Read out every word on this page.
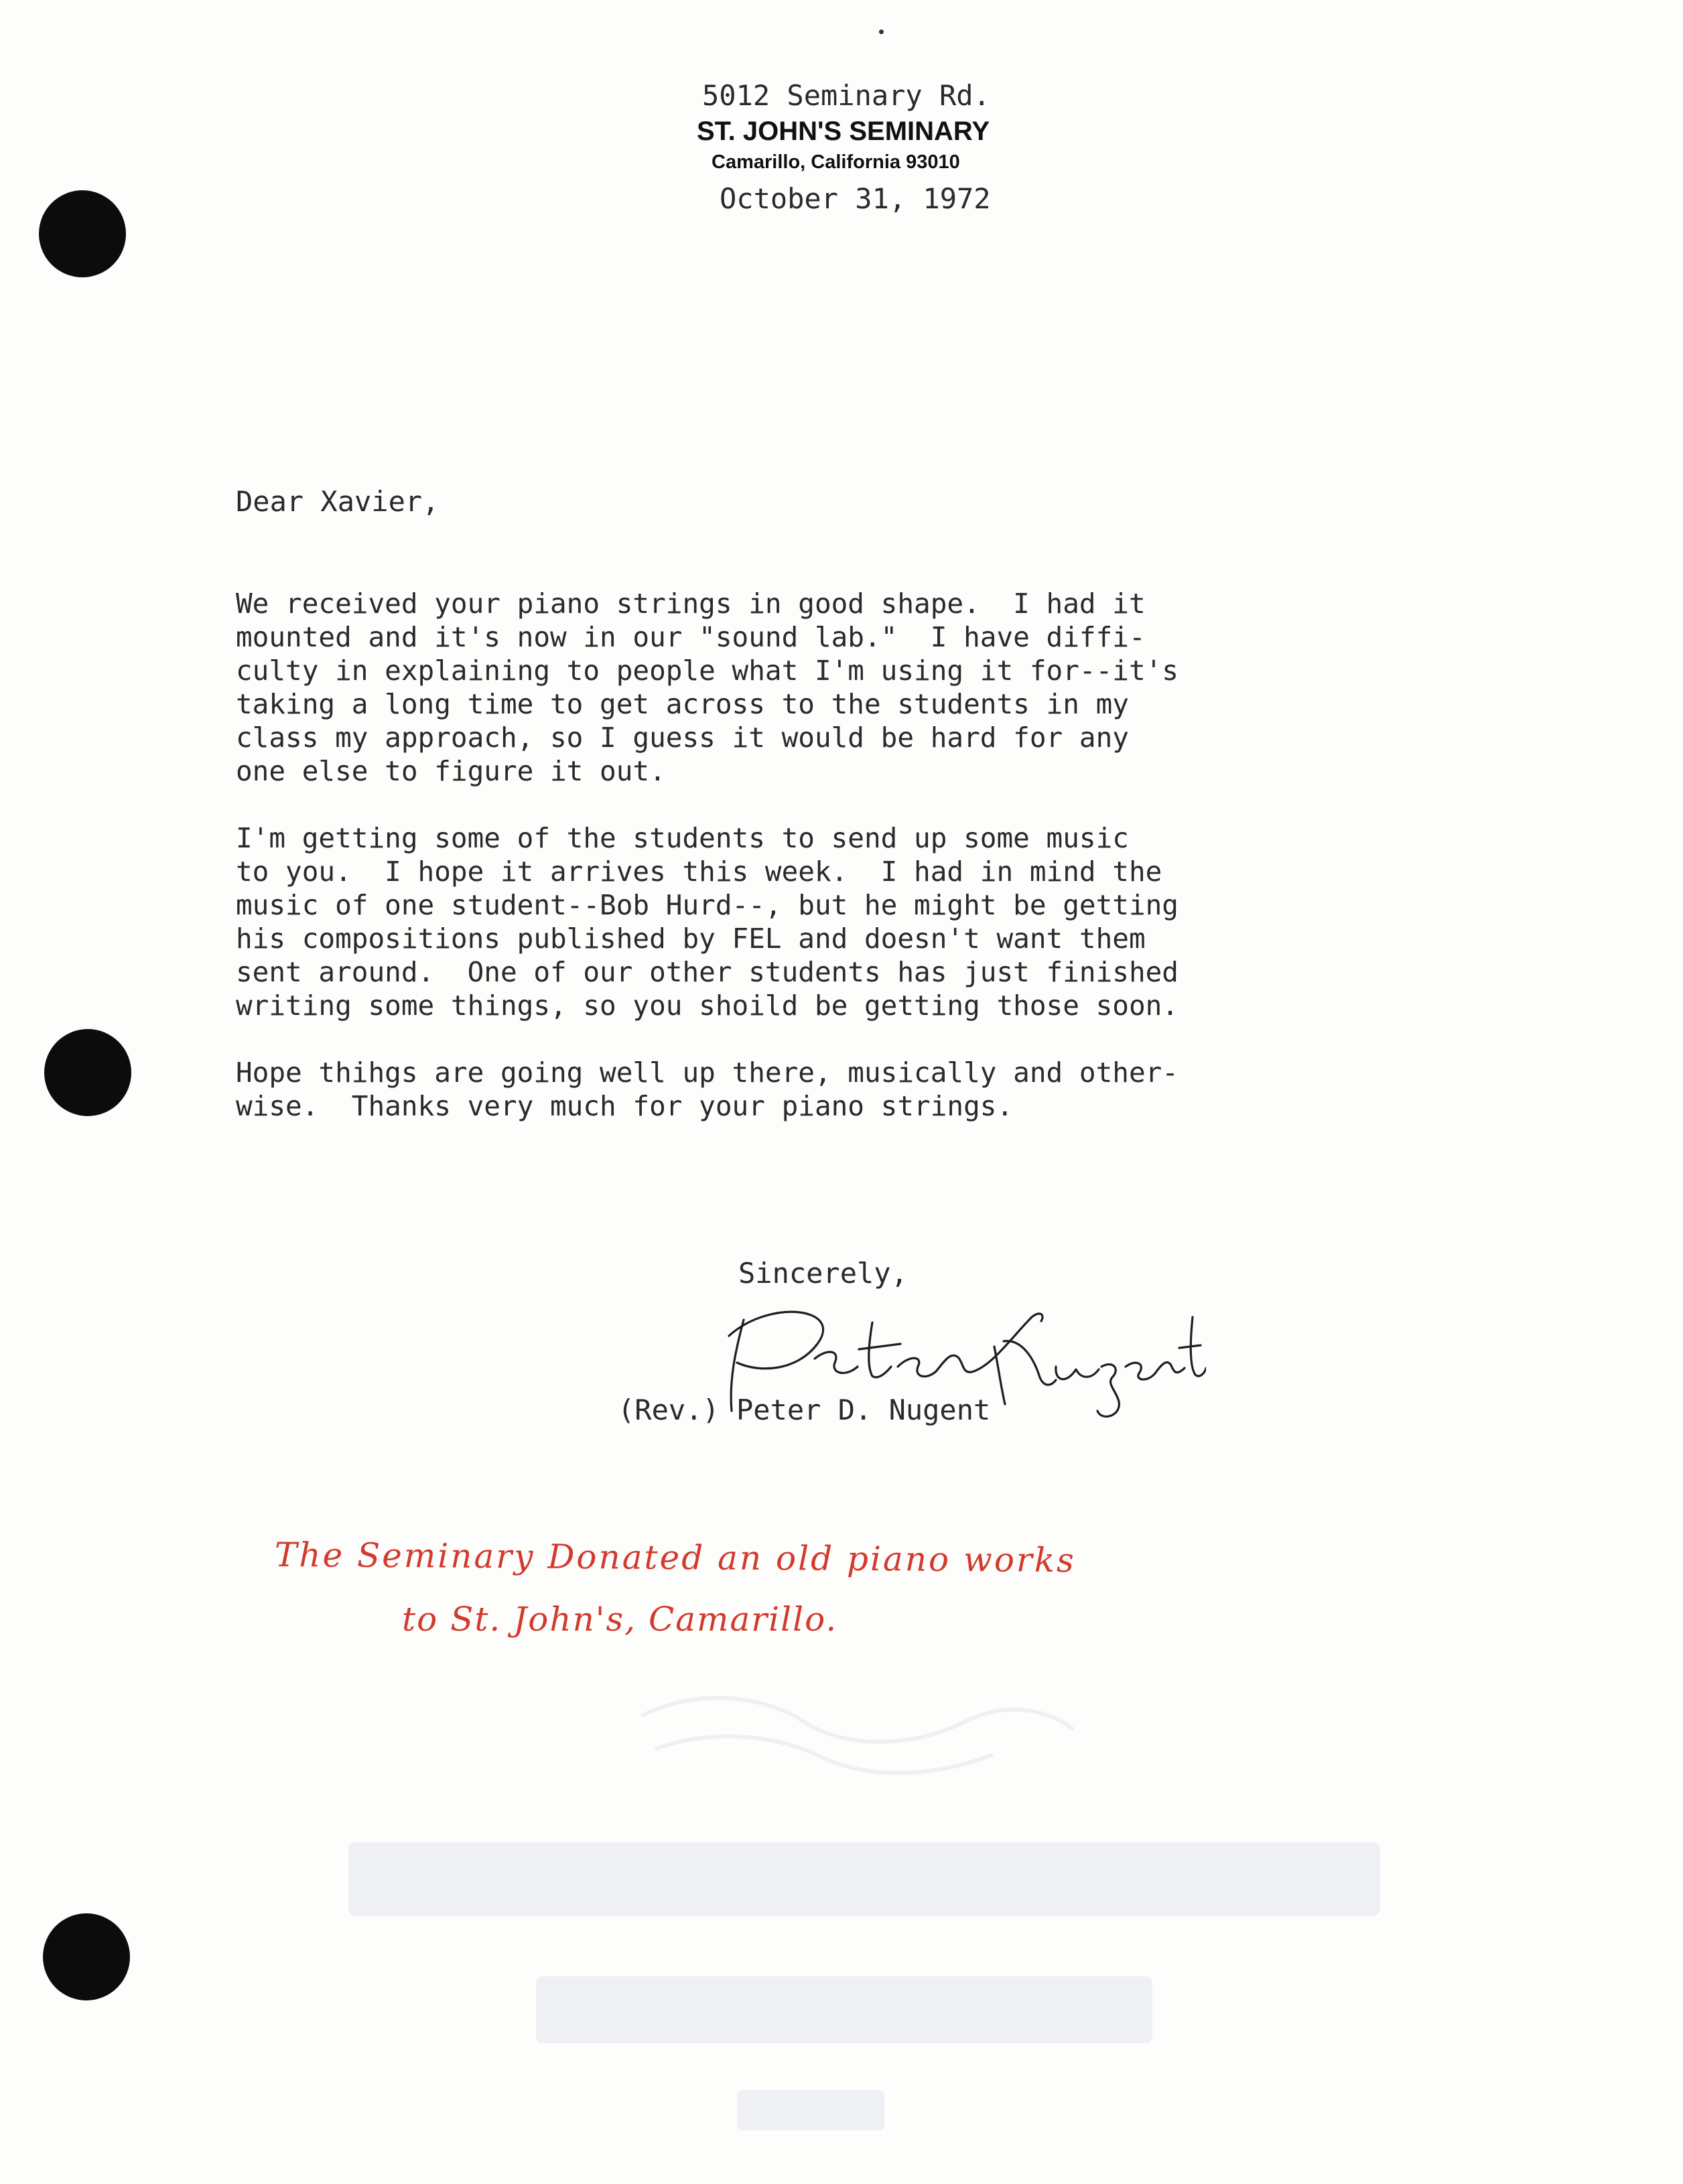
5012 Seminary Rd.
ST. JOHN'S SEMINARY
Camarillo, California 93010
October 31, 1972
Dear Xavier,

We received your piano strings in good shape.  I had it
mounted and it's now in our "sound lab."  I have diffi-
culty in explaining to people what I'm using it for--it's
taking a long time to get across to the students in my
class my approach, so I guess it would be hard for any
one else to figure it out.

I'm getting some of the students to send up some music
to you.  I hope it arrives this week.  I had in mind the
music of one student--Bob Hurd--, but he might be getting
his compositions published by FEL and doesn't want them
sent around.  One of our other students has just finished
writing some things, so you shoild be getting those soon.

Hope thihgs are going well up there, musically and other-
wise.  Thanks very much for your piano strings.

Sincerely,
(Rev.) Peter D. Nugent
The Seminary Donated an old piano works
to St. John's, Camarillo.
